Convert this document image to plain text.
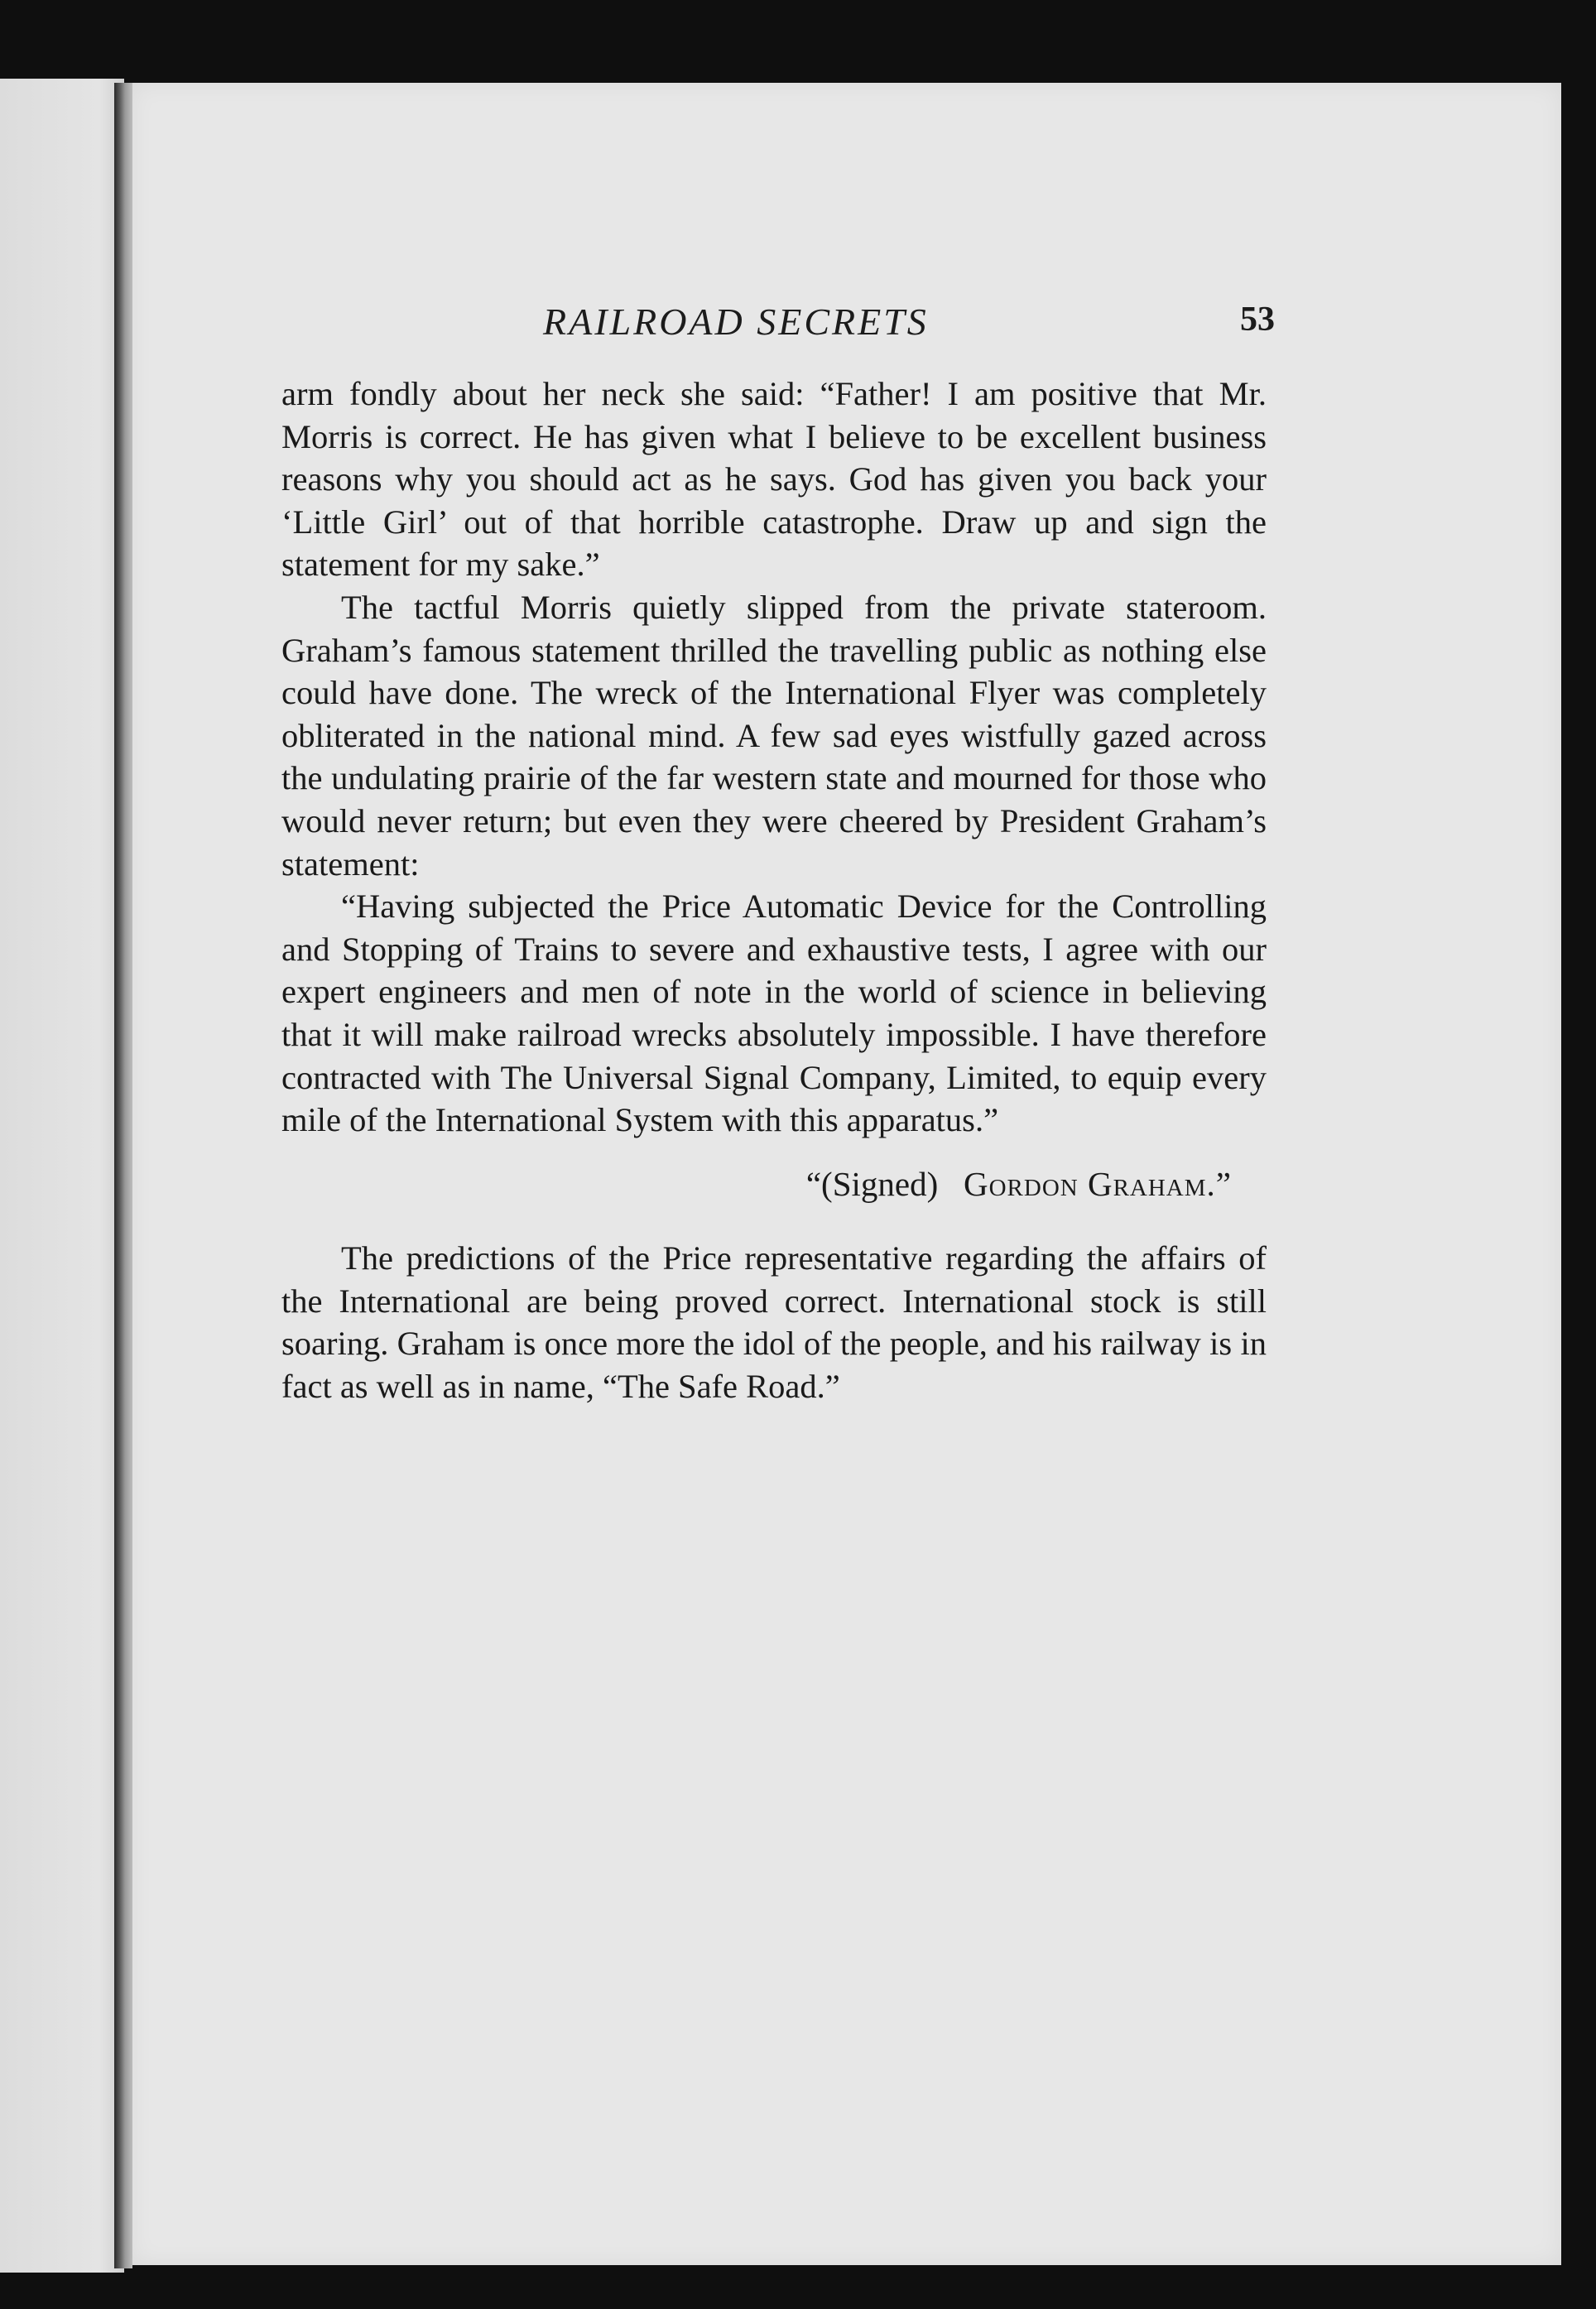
RAILROAD SECRETS	53

arm fondly about her neck she said: “Father! I am positive that Mr. Morris is correct. He has given what I believe to be excellent business reasons why you should act as he says. God has given you back your ‘Little Girl’ out of that horrible catastrophe. Draw up and sign the statement for my sake.”

The tactful Morris quietly slipped from the private stateroom. Graham’s famous statement thrilled the travelling public as nothing else could have done. The wreck of the International Flyer was completely obliterated in the national mind. A few sad eyes wistfully gazed across the undulating prairie of the far western state and mourned for those who would never return; but even they were cheered by President Graham’s statement:

“Having subjected the Price Automatic Device for the Controlling and Stopping of Trains to severe and exhaustive tests, I agree with our expert engineers and men of note in the world of science in believing that it will make railroad wrecks absolutely impossible. I have therefore contracted with The Universal Signal Company, Limited, to equip every mile of the International System with this apparatus.”

“(Signed) Gordon Graham.”

The predictions of the Price representative regarding the affairs of the International are being proved correct. International stock is still soaring. Graham is once more the idol of the people, and his railway is in fact as well as in name, “The Safe Road.”
